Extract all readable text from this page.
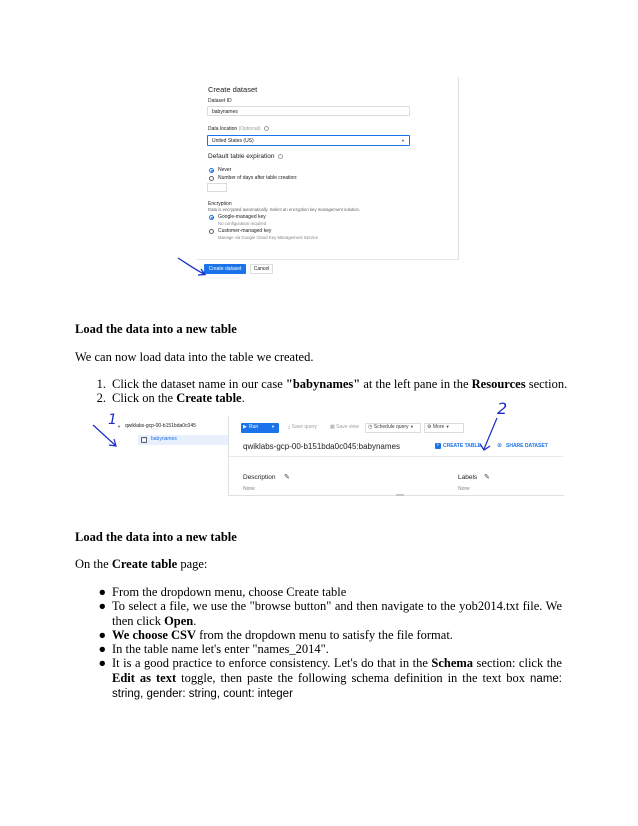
Create dataset
Dataset ID
babynames
Data location (Optional)
United States (US)	▼
Default table expiration
Never
Number of days after table creation:
Encryption
Data is encrypted automatically. Select an encryption key management solution.
Google-managed key
No configuration required
Customer-managed key
Manage via Google Cloud Key Management Service
Create dataset	Cancel
Load the data into a new table
We can now load data into the table we created.
1. Click the dataset name in our case "babynames" at the left pane in the Resources section.
2. Click on the Create table.
▼ qwiklabs-gcp-00-b151bda0c045
babynames
▶ Run	▼	⤓ Save query	▦ Save view ◷ Schedule query ▼	⚙ More ▼
qwiklabs-gcp-00-b151bda0c045:babynames	+ CREATE TABLE	⊕ SHARE DATASET
Description ✎
None
Labels ✎
None
1
2
Load the data into a new table
On the Create table page:
● From the dropdown menu, choose Create table
● To select a file, we use the "browse button" and then navigate to the yob2014.txt file. We then click Open.
● We choose CSV from the dropdown menu to satisfy the file format.
● In the table name let's enter "names_2014".
● It is a good practice to enforce consistency. Let's do that in the Schema section: click the Edit as text toggle, then paste the following schema definition in the text box name: string, gender: string, count: integer
